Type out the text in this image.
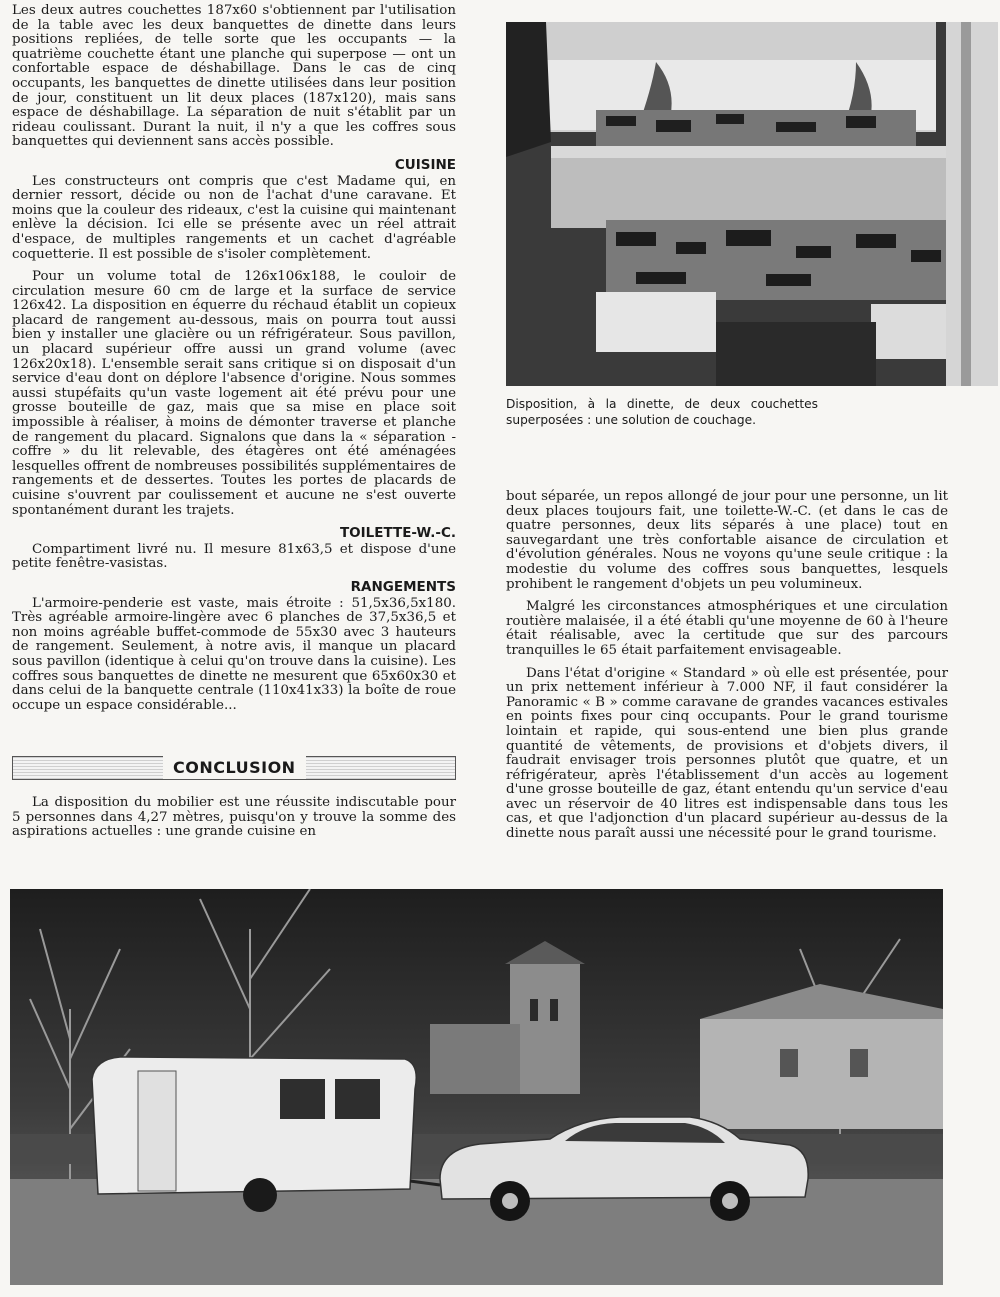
Les deux autres couchettes 187x60 s'obtiennent par l'utilisation de la table avec les deux banquettes de dinette dans leurs positions repliées, de telle sorte que les occupants — la quatrième couchette étant une planche qui superpose — ont un confortable espace de déshabillage. Dans le cas de cinq occupants, les banquettes de dinette utilisées dans leur position de jour, constituent un lit deux places (187x120), mais sans espace de déshabillage. La séparation de nuit s'établit par un rideau coulissant. Durant la nuit, il n'y a que les coffres sous banquettes qui deviennent sans accès possible.

CUISINE

Les constructeurs ont compris que c'est Madame qui, en dernier ressort, décide ou non de l'achat d'une caravane. Et moins que la couleur des rideaux, c'est la cuisine qui maintenant enlève la décision. Ici elle se présente avec un réel attrait d'espace, de multiples rangements et un cachet d'agréable coquetterie. Il est possible de s'isoler complètement.

Pour un volume total de 126x106x188, le couloir de circulation mesure 60 cm de large et la surface de service 126x42. La disposition en équerre du réchaud établit un copieux placard de rangement au-dessous, mais on pourra tout aussi bien y installer une glacière ou un réfrigérateur. Sous pavillon, un placard supérieur offre aussi un grand volume (avec 126x20x18). L'ensemble serait sans critique si on disposait d'un service d'eau dont on déplore l'absence d'origine. Nous sommes aussi stupéfaits qu'un vaste logement ait été prévu pour une grosse bouteille de gaz, mais que sa mise en place soit impossible à réaliser, à moins de démonter traverse et planche de rangement du placard. Signalons que dans la « séparation - coffre » du lit relevable, des étagères ont été aménagées lesquelles offrent de nombreuses possibilités supplémentaires de rangements et de dessertes. Toutes les portes de placards de cuisine s'ouvrent par coulissement et aucune ne s'est ouverte spontanément durant les trajets.

TOILETTE-W.-C.

Compartiment livré nu. Il mesure 81x63,5 et dispose d'une petite fenêtre-vasistas.

RANGEMENTS

L'armoire-penderie est vaste, mais étroite : 51,5x36,5x180. Très agréable armoire-lingère avec 6 planches de 37,5x36,5 et non moins agréable buffet-commode de 55x30 avec 3 hauteurs de rangement. Seulement, à notre avis, il manque un placard sous pavillon (identique à celui qu'on trouve dans la cuisine). Les coffres sous banquettes de dinette ne mesurent que 65x60x30 et dans celui de la banquette centrale (110x41x33) la boîte de roue occupe un espace considérable...

CONCLUSION

La disposition du mobilier est une réussite indiscutable pour 5 personnes dans 4,27 mètres, puisqu'on y trouve la somme des aspirations actuelles : une grande cuisine en

Disposition, à la dinette, de deux couchettes superposées : une solution de couchage.

bout séparée, un repos allongé de jour pour une personne, un lit deux places toujours fait, une toilette-W.-C. (et dans le cas de quatre personnes, deux lits séparés à une place) tout en sauvegardant une très confortable aisance de circulation et d'évolution générales. Nous ne voyons qu'une seule critique : la modestie du volume des coffres sous banquettes, lesquels prohibent le rangement d'objets un peu volumineux.

Malgré les circonstances atmosphériques et une circulation routière malaisée, il a été établi qu'une moyenne de 60 à l'heure était réalisable, avec la certitude que sur des parcours tranquilles le 65 était parfaitement envisageable.

Dans l'état d'origine « Standard » où elle est présentée, pour un prix nettement inférieur à 7.000 NF, il faut considérer la Panoramic « B » comme caravane de grandes vacances estivales en points fixes pour cinq occupants. Pour le grand tourisme lointain et rapide, qui sous-entend une bien plus grande quantité de vêtements, de provisions et d'objets divers, il faudrait envisager trois personnes plutôt que quatre, et un réfrigérateur, après l'établissement d'un accès au logement d'une grosse bouteille de gaz, étant entendu qu'un service d'eau avec un réservoir de 40 litres est indispensable dans tous les cas, et que l'adjonction d'un placard supérieur au-dessus de la dinette nous paraît aussi une nécessité pour le grand tourisme.
